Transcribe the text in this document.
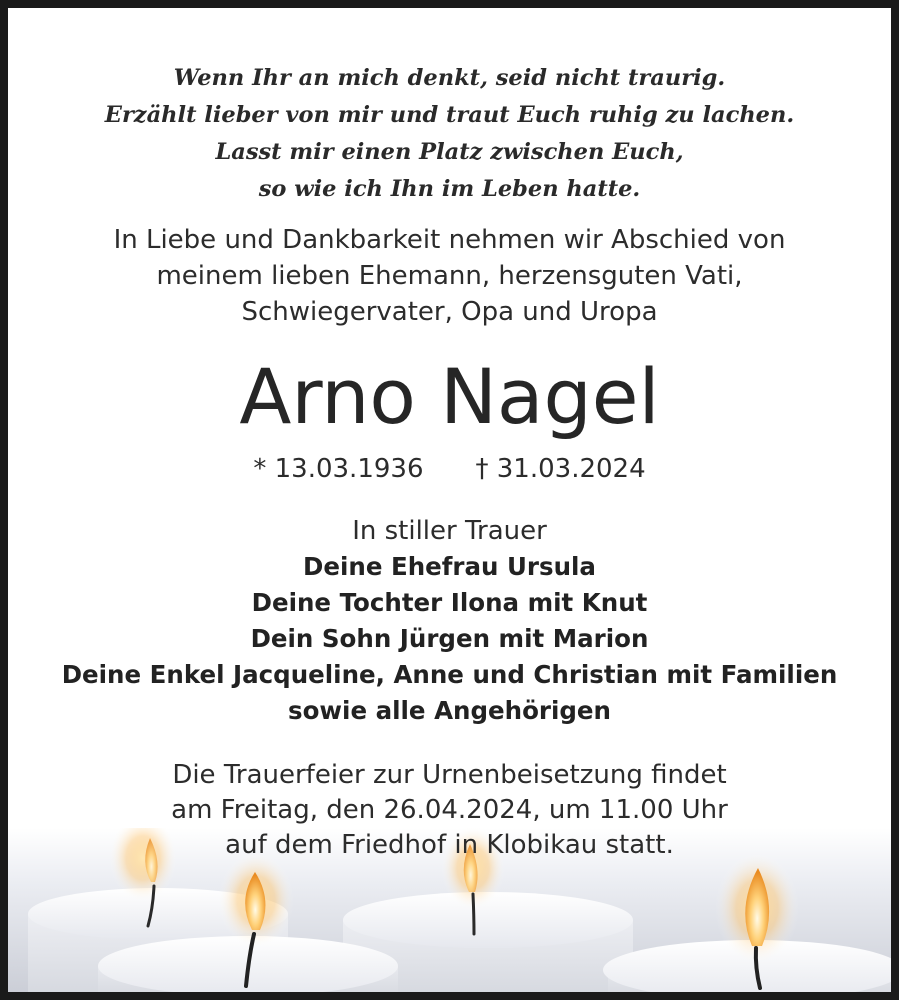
Wenn Ihr an mich denkt, seid nicht traurig.
Erzählt lieber von mir und traut Euch ruhig zu lachen.
Lasst mir einen Platz zwischen Euch,
so wie ich Ihn im Leben hatte.
In Liebe und Dankbarkeit nehmen wir Abschied von
meinem lieben Ehemann, herzensguten Vati,
Schwiegervater, Opa und Uropa
Arno Nagel
* 13.03.1936 † 31.03.2024
In stiller Trauer
Deine Ehefrau Ursula
Deine Tochter Ilona mit Knut
Dein Sohn Jürgen mit Marion
Deine Enkel Jacqueline, Anne und Christian mit Familien
sowie alle Angehörigen
Die Trauerfeier zur Urnenbeisetzung findet
am Freitag, den 26.04.2024, um 11.00 Uhr
auf dem Friedhof in Klobikau statt.
